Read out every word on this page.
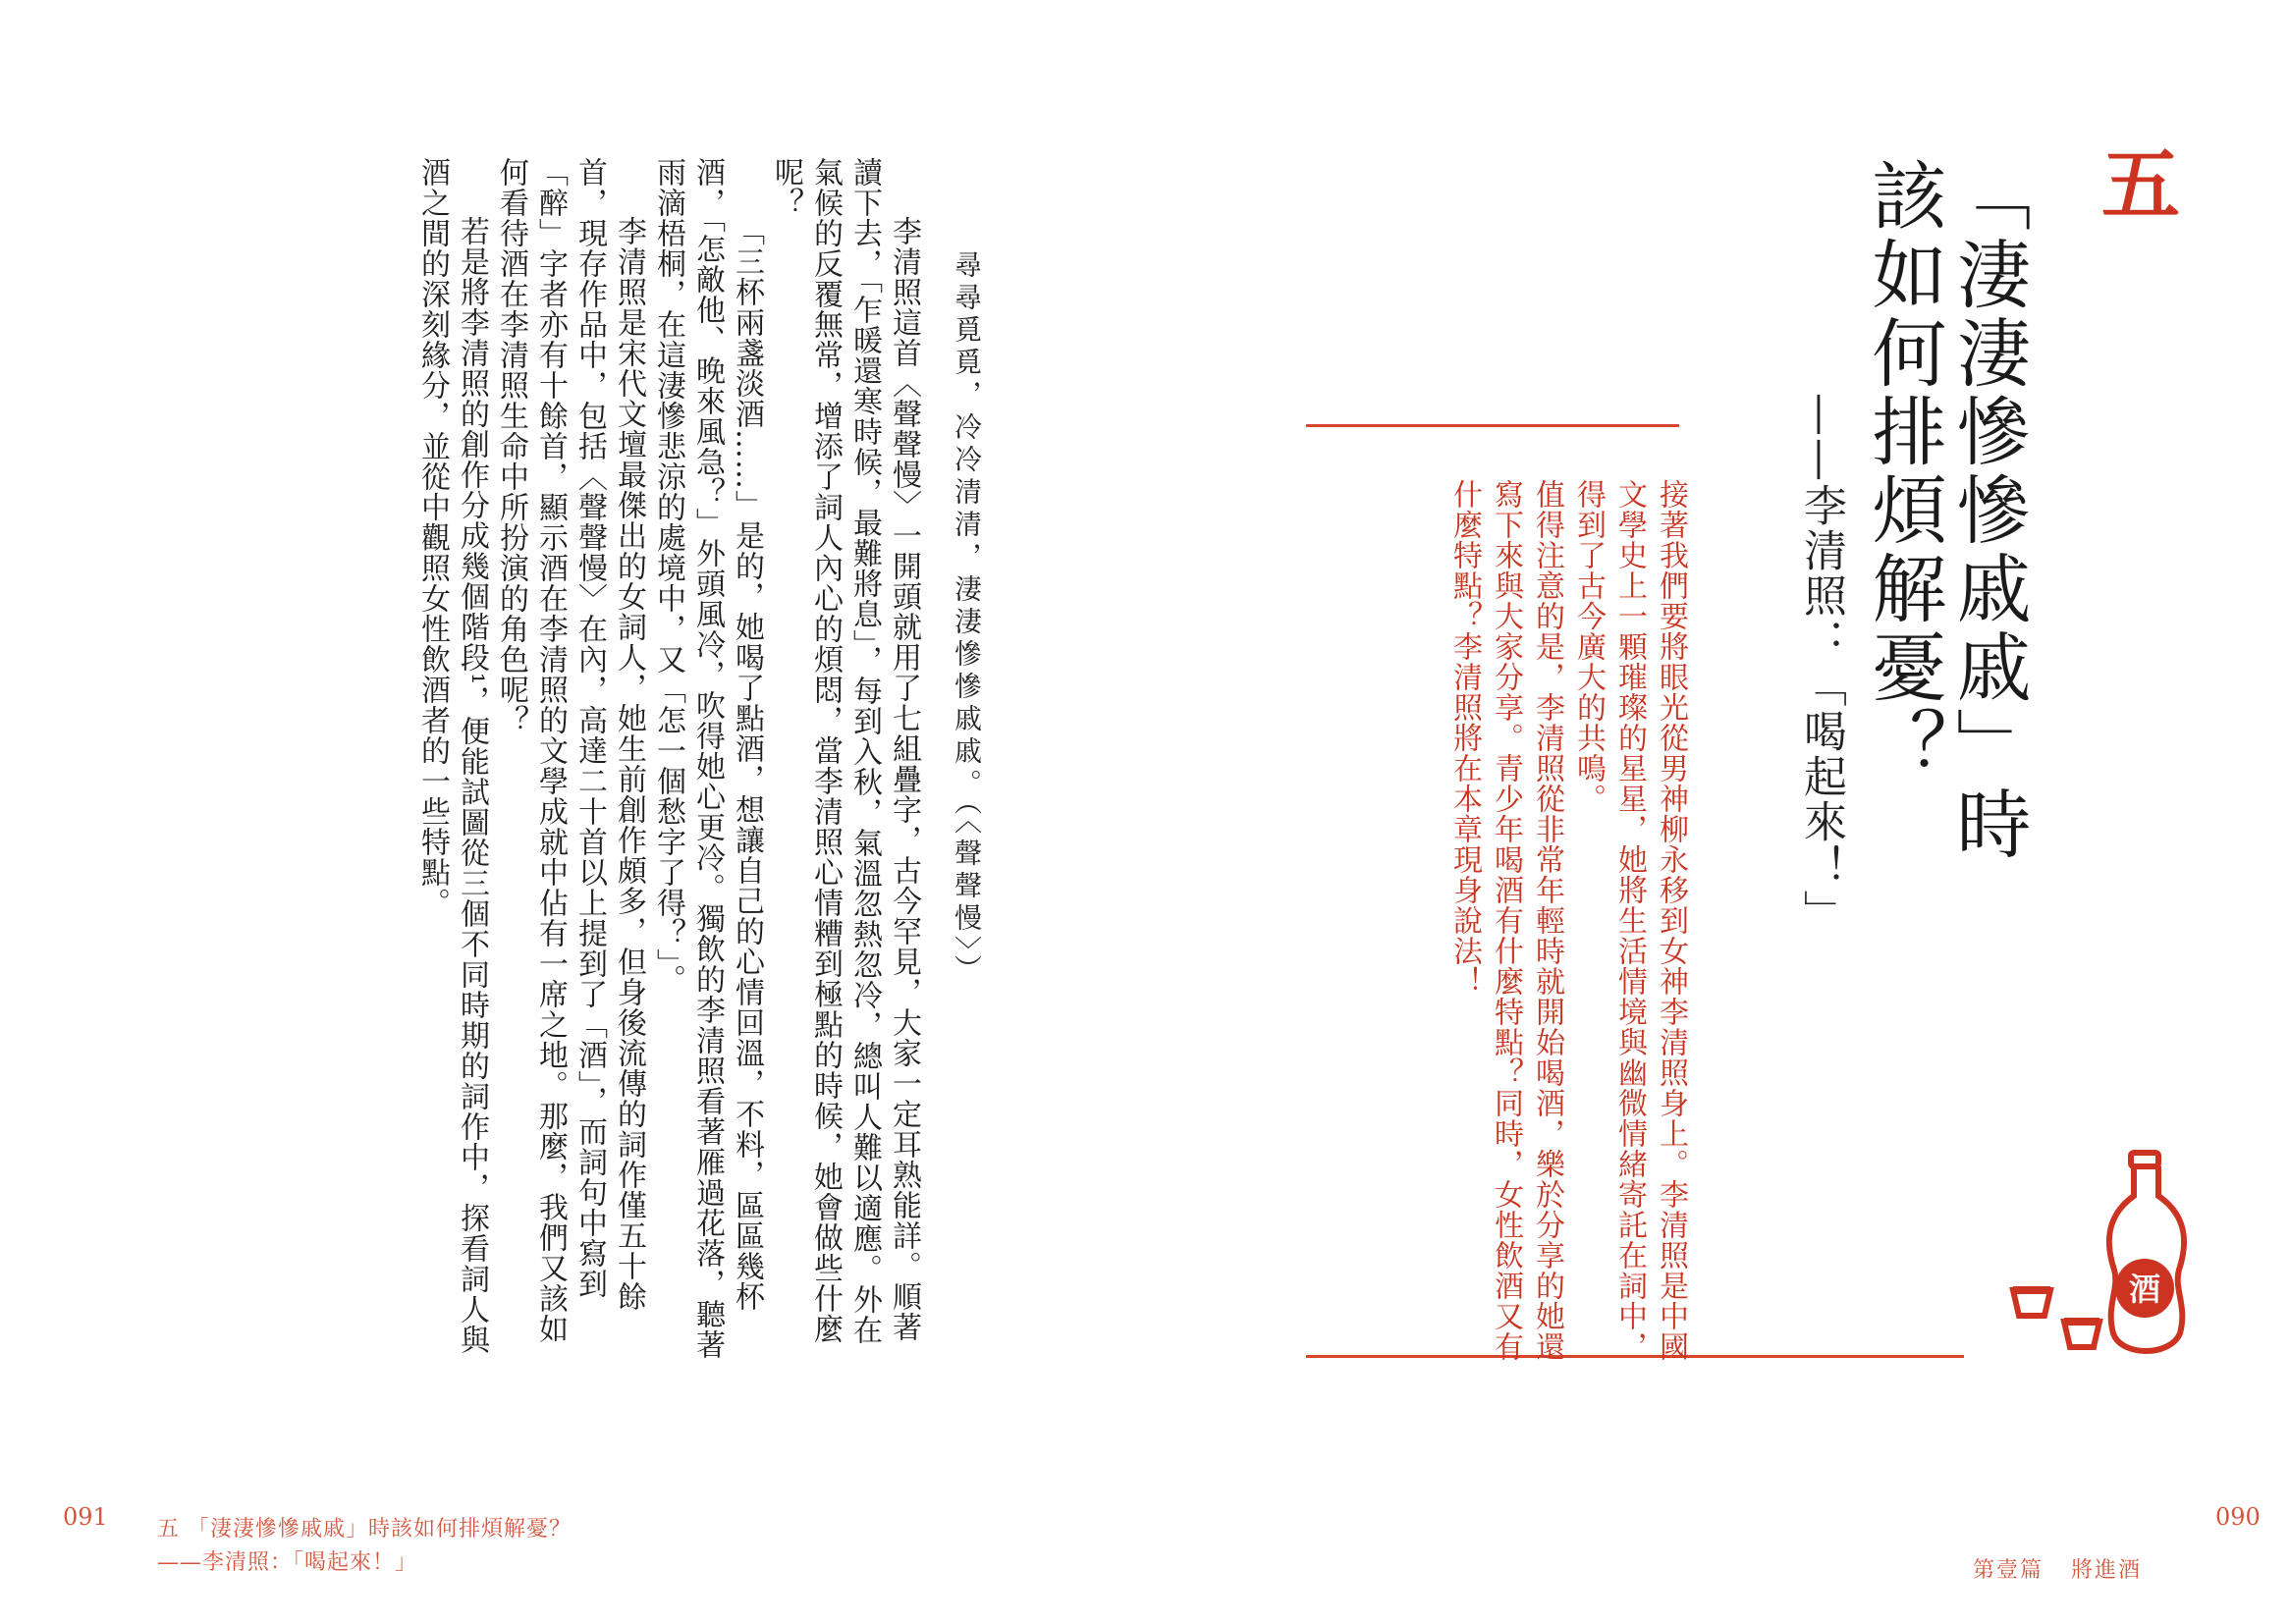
五
「淒淒慘慘戚戚」時
該如何排煩解憂？
——李清照：「喝起來！」

接著我們要將眼光從男神柳永移到女神李清照身上。李清照是中國文學史上一顆璀璨的星星，她將生活情境與幽微情緒寄託在詞中，得到了古今廣大的共鳴。

值得注意的是，李清照從非常年輕時就開始喝酒，樂於分享的她還寫下來與大家分享。青少年喝酒有什麼特點？同時，女性飲酒又有什麼特點？李清照將在本章現身說法！

酒
尋尋覓覓，冷冷清清，淒淒慘慘戚戚。（〈聲聲慢〉）

李清照這首〈聲聲慢〉一開頭就用了七組疊字，古今罕見，大家一定耳熟能詳。順著讀下去，「乍暖還寒時候，最難將息」，每到入秋，氣溫忽熱忽冷，總叫人難以適應。外在氣候的反覆無常，增添了詞人內心的煩悶，當李清照心情糟到極點的時候，她會做些什麼呢？

「三杯兩盞淡酒……」是的，她喝了點酒，想讓自己的心情回溫，不料，區區幾杯酒，「怎敵他、晚來風急？」外頭風冷，吹得她心更冷。獨飲的李清照看著雁過花落，聽著雨滴梧桐，在這淒慘悲涼的處境中，又「怎一個愁字了得？」。

李清照是宋代文壇最傑出的女詞人，她生前創作頗多，但身後流傳的詞作僅五十餘首，現存作品中，包括〈聲聲慢〉在內，高達二十首以上提到了「酒」，而詞句中寫到「醉」字者亦有十餘首，顯示酒在李清照的文學成就中佔有一席之地。那麼，我們又該如何看待酒在李清照生命中所扮演的角色呢？

若是將李清照的創作分成幾個階段¹，便能試圖從三個不同時期的詞作中，探看詞人與酒之間的深刻緣分，並從中觀照女性飲酒者的一些特點。

091	090
五 「淒淒慘慘戚戚」時該如何排煩解憂？
——李清照：「喝起來！」	第壹篇 將進酒
